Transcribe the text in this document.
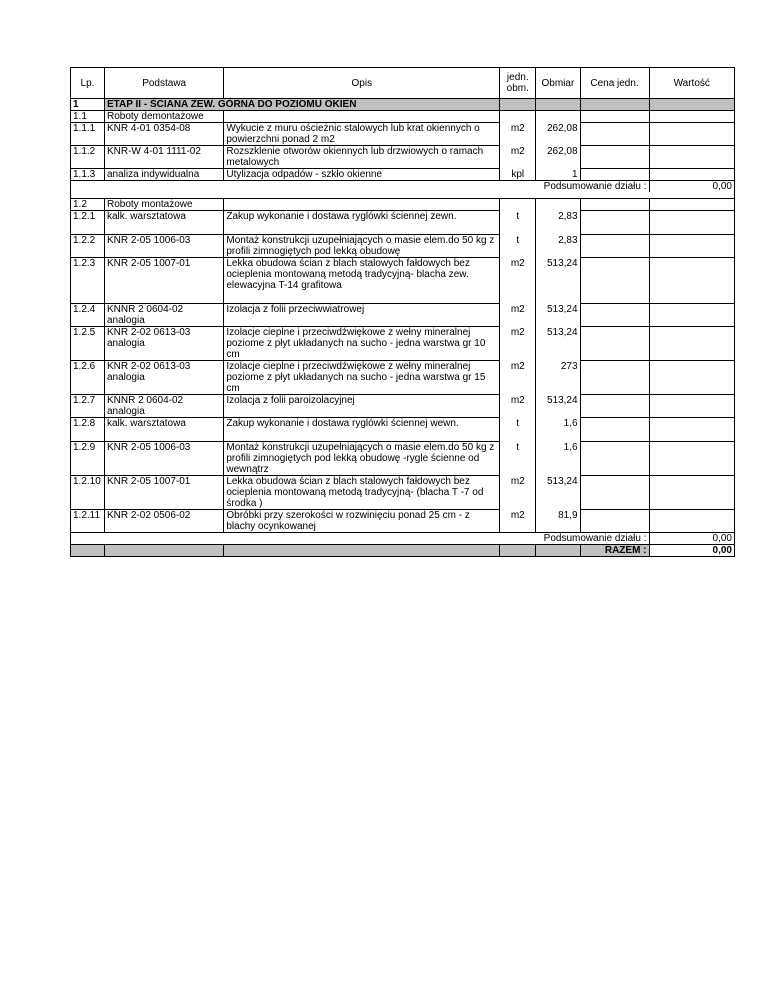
Lp.	Podstawa	Opis	jedn. obm.	Obmiar	Cena jedn.	Wartość
1	ETAP II - ŚCIANA ZEW. GÓRNA DO POZIOMU OKIEN					
1.1	Roboty demontażowe					
1.1.1	KNR 4-01 0354-08	Wykucie z muru ościeżnic stalowych lub krat okiennych o powierzchni ponad 2 m2	m2	262,08		
1.1.2	KNR-W 4-01 1111-02	Rozszklenie otworów okiennych lub drzwiowych o ramach metalowych	m2	262,08		
1.1.3	analiza indywidualna	Utylizacja odpadów - szkło okienne	kpl	1		
Podsumowanie działu :						0,00

1.2	Roboty montażowe					
1.2.1	kalk. warsztatowa	Zakup wykonanie i dostawa ryglówki ściennej zewn.	t	2,83		
1.2.2	KNR 2-05 1006-03	Montaż konstrukcji uzupełniających o masie elem.do 50 kg z profili zimnogiętych pod lekką obudowę	t	2,83		
1.2.3	KNR 2-05 1007-01	Lekka obudowa ścian z blach stalowych fałdowych bez ocieplenia montowaną metodą tradycyjną- blacha zew. elewacyjna T-14 grafitowa	m2	513,24		
1.2.4	KNNR 2 0604-02 analogia	Izolacja z folii przeciwwiatrowej	m2	513,24		
1.2.5	KNR 2-02 0613-03 analogia	Izolacje cieplne i przeciwdźwiękowe z wełny mineralnej poziome z płyt układanych na sucho - jedna warstwa gr 10 cm	m2	513,24		
1.2.6	KNR 2-02 0613-03 analogia	Izolacje cieplne i przeciwdźwiękowe z wełny mineralnej poziome z płyt układanych na sucho - jedna warstwa gr 15 cm	m2	273		
1.2.7	KNNR 2 0604-02 analogia	Izolacja z folii paroizolacyjnej	m2	513,24		
1.2.8	kalk. warsztatowa	Zakup wykonanie i dostawa ryglówki ściennej wewn.	t	1,6		
1.2.9	KNR 2-05 1006-03	Montaż konstrukcji uzupełniających o masie elem.do 50 kg z profili zimnogiętych pod lekką obudowę -rygle ścienne od wewnątrz	t	1,6		
1.2.10	KNR 2-05 1007-01	Lekka obudowa ścian z blach stalowych fałdowych bez ocieplenia montowaną metodą tradycyjną- (blacha T -7 od środka )	m2	513,24		
1.2.11	KNR 2-02 0506-02	Obróbki przy szerokości w rozwinięciu ponad 25 cm - z blachy ocynkowanej	m2	81,9		
Podsumowanie działu :						0,00
					RAZEM :	0,00
